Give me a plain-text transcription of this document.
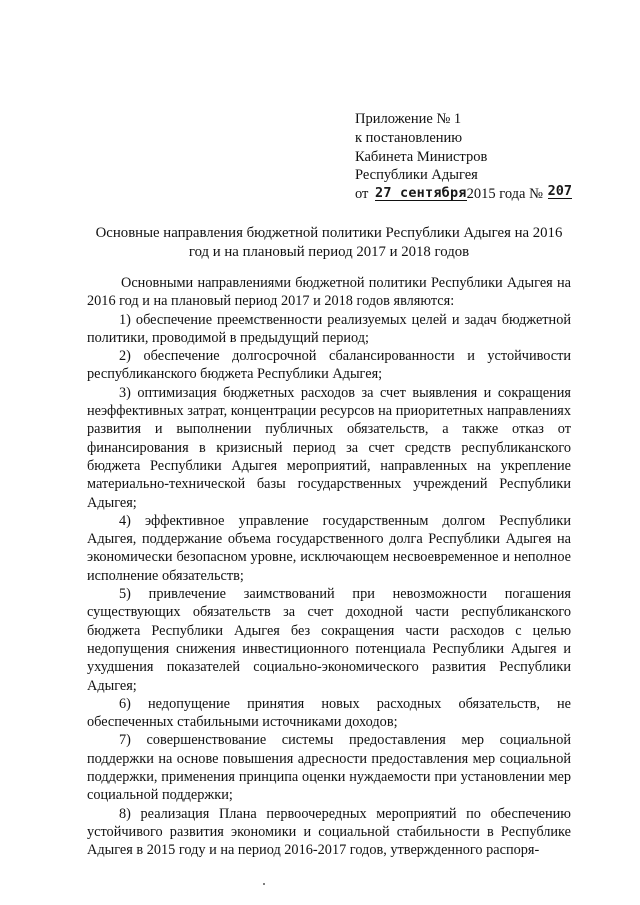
Приложение № 1
к постановлению
Кабинета Министров
Республики Адыгея
от 27 сентября2015 года № 207
Основные направления бюджетной политики Республики Адыгея на 2016 год и на плановый период 2017 и 2018 годов

Основными направлениями бюджетной политики Республики Адыгея на 2016 год и на плановый период 2017 и 2018 годов являются:

1) обеспечение преемственности реализуемых целей и задач бюджетной политики, проводимой в предыдущий период;

2) обеспечение долгосрочной сбалансированности и устойчивости республиканского бюджета Республики Адыгея;

3) оптимизация бюджетных расходов за счет выявления и сокращения неэффективных затрат, концентрации ресурсов на приоритетных направлениях развития и выполнении публичных обязательств, а также отказ от финансирования в кризисный период за счет средств республиканского бюджета Республики Адыгея мероприятий, направленных на укрепление материально-технической базы государственных учреждений Республики Адыгея;

4) эффективное управление государственным долгом Республики Адыгея, поддержание объема государственного долга Республики Адыгея на экономически безопасном уровне, исключающем несвоевременное и неполное исполнение обязательств;

5) привлечение заимствований при невозможности погашения существующих обязательств за счет доходной части республиканского бюджета Республики Адыгея без сокращения части расходов с целью недопущения снижения инвестиционного потенциала Республики Адыгея и ухудшения показателей социально-экономического развития Республики Адыгея;

6) недопущение принятия новых расходных обязательств, не обеспеченных стабильными источниками доходов;

7) совершенствование системы предоставления мер социальной поддержки на основе повышения адресности предоставления мер социальной поддержки, применения принципа оценки нуждаемости при установлении мер социальной поддержки;

8) реализация Плана первоочередных мероприятий по обеспечению устойчивого развития экономики и социальной стабильности в Республике Адыгея в 2015 году и на период 2016-2017 годов, утвержденного распоря-
